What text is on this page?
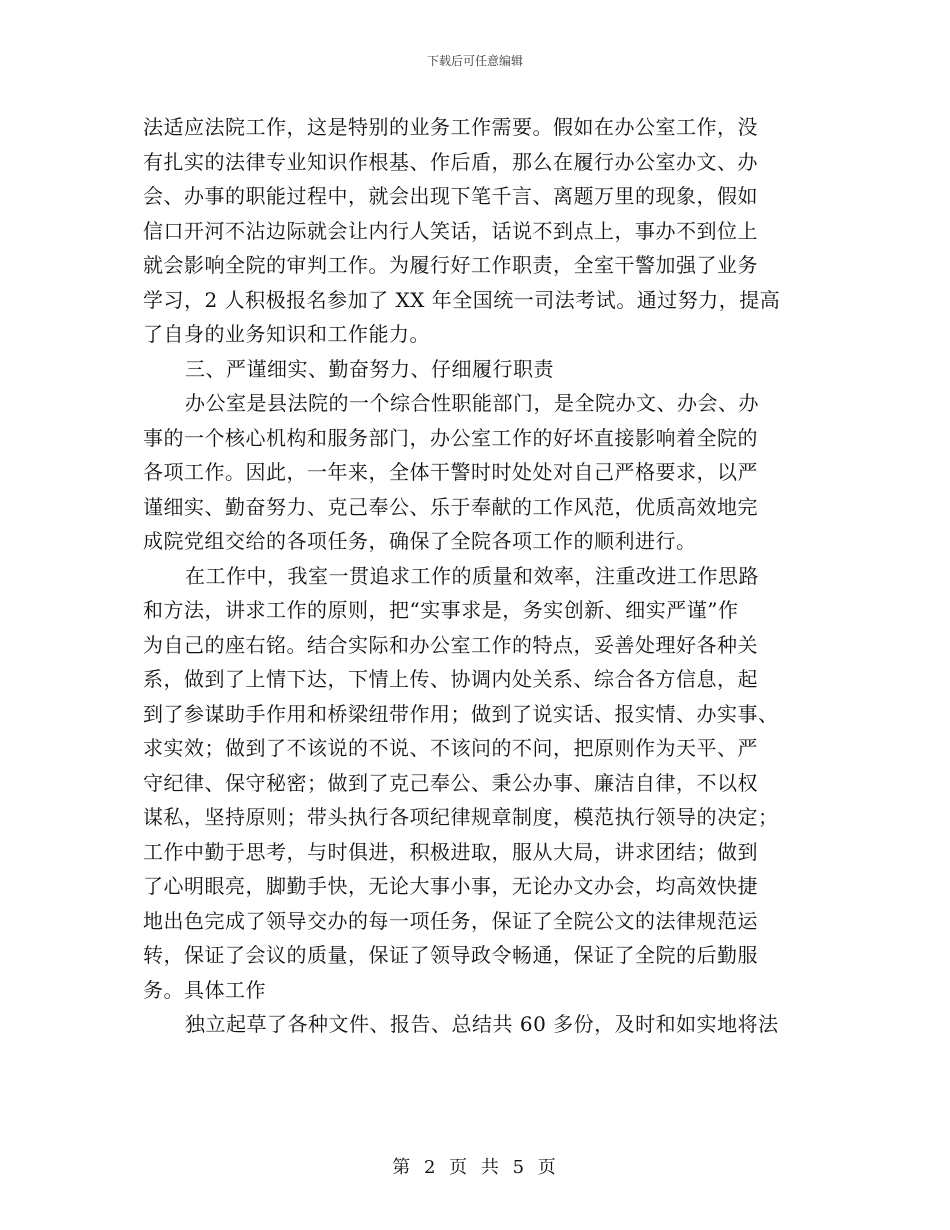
下载后可任意编辑
法适应法院工作，这是特别的业务工作需要。假如在办公室工作，没
有扎实的法律专业知识作根基、作后盾，那么在履行办公室办文、办
会、办事的职能过程中，就会出现下笔千言、离题万里的现象，假如
信口开河不沾边际就会让内行人笑话，话说不到点上，事办不到位上
就会影响全院的审判工作。为履行好工作职责，全室干警加强了业务
学习，2 人积极报名参加了 XX 年全国统一司法考试。通过努力，提高
了自身的业务知识和工作能力。
三、严谨细实、勤奋努力、仔细履行职责
办公室是县法院的一个综合性职能部门，是全院办文、办会、办
事的一个核心机构和服务部门，办公室工作的好坏直接影响着全院的
各项工作。因此，一年来，全体干警时时处处对自己严格要求，以严
谨细实、勤奋努力、克己奉公、乐于奉献的工作风范，优质高效地完
成院党组交给的各项任务，确保了全院各项工作的顺利进行。
在工作中，我室一贯追求工作的质量和效率，注重改进工作思路
和方法，讲求工作的原则，把“实事求是，务实创新、细实严谨”作
为自己的座右铭。结合实际和办公室工作的特点，妥善处理好各种关
系，做到了上情下达，下情上传、协调内处关系、综合各方信息，起
到了参谋助手作用和桥梁纽带作用；做到了说实话、报实情、办实事、
求实效；做到了不该说的不说、不该问的不问，把原则作为天平、严
守纪律、保守秘密；做到了克己奉公、秉公办事、廉洁自律，不以权
谋私，坚持原则；带头执行各项纪律规章制度，模范执行领导的决定；
工作中勤于思考，与时俱进，积极进取，服从大局，讲求团结；做到
了心明眼亮，脚勤手快，无论大事小事，无论办文办会，均高效快捷
地出色完成了领导交办的每一项任务，保证了全院公文的法律规范运
转，保证了会议的质量，保证了领导政令畅通，保证了全院的后勤服
务。具体工作
独立起草了各种文件、报告、总结共 60 多份，及时和如实地将法
第 2 页 共 5 页
